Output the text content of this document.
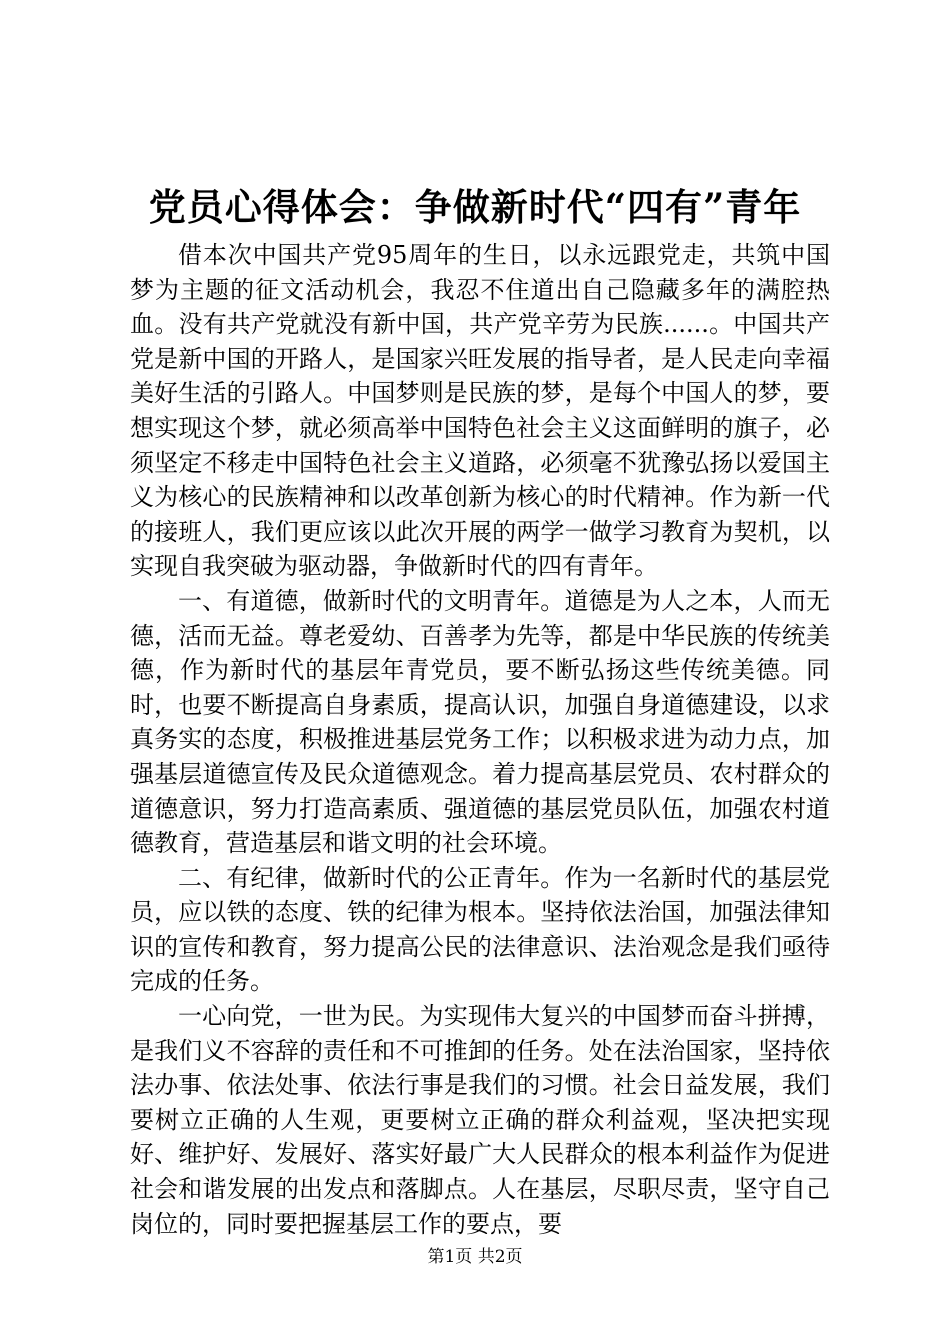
党员心得体会：争做新时代“四有”青年

借本次中国共产党95周年的生日，以永远跟党走，共筑中国梦为主题的征文活动机会，我忍不住道出自己隐藏多年的满腔热血。没有共产党就没有新中国，共产党辛劳为民族......。中国共产党是新中国的开路人，是国家兴旺发展的指导者，是人民走向幸福美好生活的引路人。中国梦则是民族的梦，是每个中国人的梦，要想实现这个梦，就必须高举中国特色社会主义这面鲜明的旗子，必须坚定不移走中国特色社会主义道路，必须毫不犹豫弘扬以爱国主义为核心的民族精神和以改革创新为核心的时代精神。作为新一代的接班人，我们更应该以此次开展的两学一做学习教育为契机，以实现自我突破为驱动器，争做新时代的四有青年。

一、有道德，做新时代的文明青年。道德是为人之本，人而无德，活而无益。尊老爱幼、百善孝为先等，都是中华民族的传统美德，作为新时代的基层年青党员，要不断弘扬这些传统美德。同时，也要不断提高自身素质，提高认识，加强自身道德建设，以求真务实的态度，积极推进基层党务工作；以积极求进为动力点，加强基层道德宣传及民众道德观念。着力提高基层党员、农村群众的道德意识，努力打造高素质、强道德的基层党员队伍，加强农村道德教育，营造基层和谐文明的社会环境。

二、有纪律，做新时代的公正青年。作为一名新时代的基层党员，应以铁的态度、铁的纪律为根本。坚持依法治国，加强法律知识的宣传和教育，努力提高公民的法律意识、法治观念是我们亟待完成的任务。

一心向党，一世为民。为实现伟大复兴的中国梦而奋斗拼搏，是我们义不容辞的责任和不可推卸的任务。处在法治国家，坚持依法办事、依法处事、依法行事是我们的习惯。社会日益发展，我们要树立正确的人生观，更要树立正确的群众利益观，坚决把实现好、维护好、发展好、落实好最广大人民群众的根本利益作为促进社会和谐发展的出发点和落脚点。人在基层，尽职尽责，坚守自己岗位的，同时要把握基层工作的要点，要

第1页 共2页
